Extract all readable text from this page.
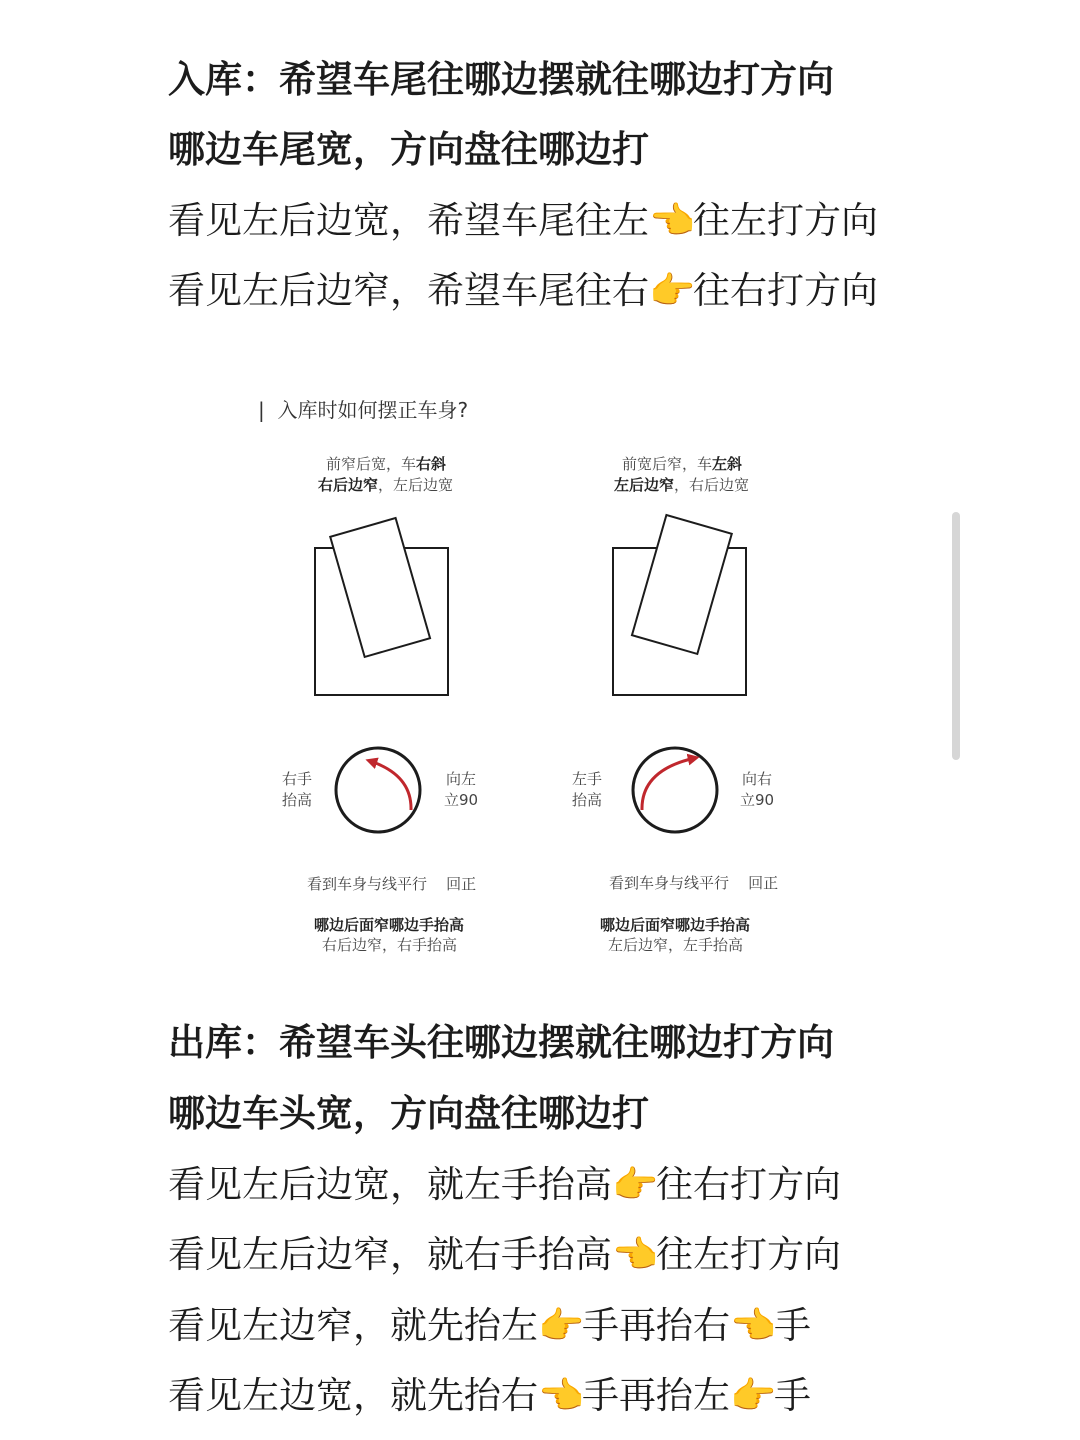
入库：希望车尾往哪边摆就往哪边打方向
哪边车尾宽，方向盘往哪边打
看见左后边宽，希望车尾往左👈往左打方向
看见左后边窄，希望车尾往右👉往右打方向
| 入库时如何摆正车身?
前窄后宽，车右斜
右后边窄，左后边宽
前宽后窄，车左斜
左后边窄，右后边宽
右手
抬高
向左
立90
左手
抬高
向右
立90
看到车身与线平行 回正	看到车身与线平行 回正
哪边后面窄哪边手抬高
右后边窄，右手抬高
哪边后面窄哪边手抬高
左后边窄，左手抬高
出库：希望车头往哪边摆就往哪边打方向
哪边车头宽，方向盘往哪边打
看见左后边宽，就左手抬高👉往右打方向
看见左后边窄，就右手抬高👈往左打方向
看见左边窄，就先抬左👉手再抬右👈手
看见左边宽，就先抬右👈手再抬左👉手
